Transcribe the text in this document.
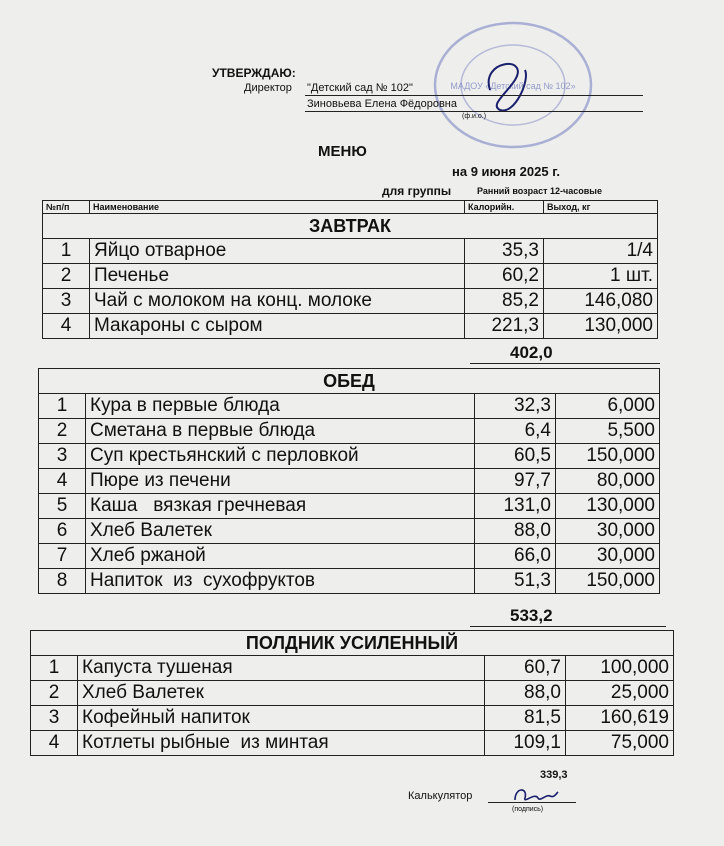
МАДОУ «Детский сад № 102»
УТВЕРЖДАЮ:
Директор "Детский сад № 102"
Зиновьева Елена Фёдоровна
(ф.и.о.)
МЕНЮ
на 9 июня 2025 г.
для группы	Ранний возраст 12-часовые
№п/п	Наименование	Калорийн.	Выход, кг
ЗАВТРАК			
1	Яйцо отварное	35,3	1/4
2	Печенье	60,2	1 шт.
3	Чай с молоком на конц. молоке	85,2	146,080
4	Макароны с сыром	221,3	130,000
402,0
ОБЕД			
1	Кура в первые блюда	32,3	6,000
2	Сметана в первые блюда	6,4	5,500
3	Суп крестьянский с перловкой	60,5	150,000
4	Пюре из печени	97,7	80,000
5	Каша   вязкая гречневая	131,0	130,000
6	Хлеб Валетек	88,0	30,000
7	Хлеб ржаной	66,0	30,000
8	Напиток  из  сухофруктов	51,3	150,000
533,2
ПОЛДНИК УСИЛЕННЫЙ			
1	Капуста тушеная	60,7	100,000
2	Хлеб Валетек	88,0	25,000
3	Кофейный напиток	81,5	160,619
4	Котлеты рыбные  из минтая	109,1	75,000
339,3
Калькулятор
(подпись)
